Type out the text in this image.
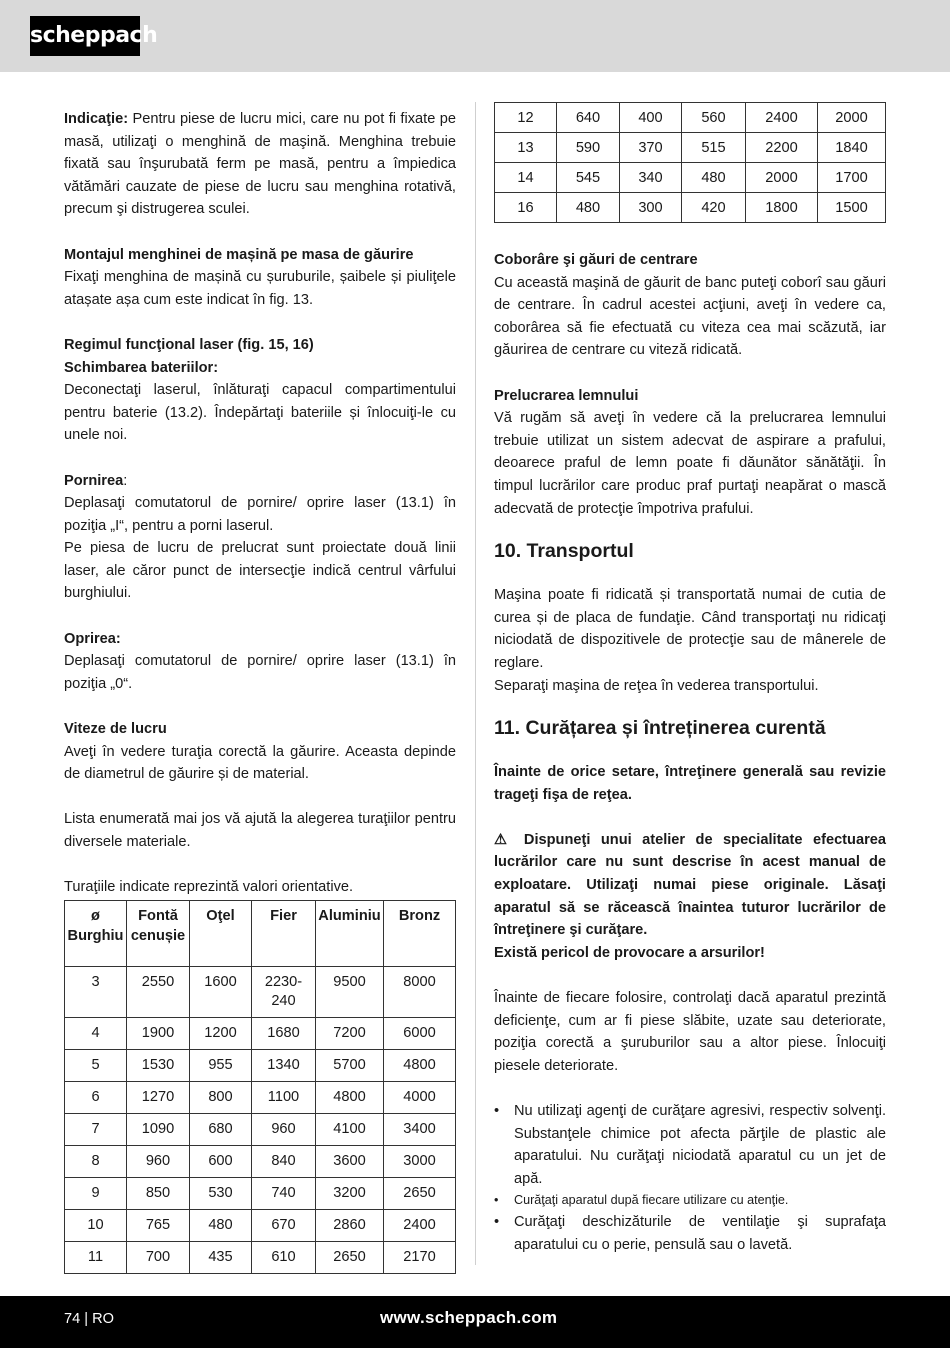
scheppach

Indicaţie: Pentru piese de lucru mici, care nu pot fi fixate pe masă, utilizaţi o menghină de maşină. Menghina trebuie fixată sau înşurubată ferm pe masă, pentru a împiedica vătămări cauzate de piese de lucru sau menghina rotativă, precum şi distrugerea sculei.

Montajul menghinei de mașină pe masa de găurire

Fixaţi menghina de mașină cu șuruburile, șaibele și piuliţele atașate așa cum este indicat în fig. 13.

Regimul funcţional laser (fig. 15, 16)

Schimbarea bateriilor:

Deconectaţi laserul, înlăturaţi capacul compartimentului pentru baterie (13.2). Îndepărtaţi bateriile și înlocuiţi-le cu unele noi.

Pornirea:

Deplasaţi comutatorul de pornire/ oprire laser (13.1) în poziţia „I“, pentru a porni laserul.

Pe piesa de lucru de prelucrat sunt proiectate două linii laser, ale căror punct de intersecţie indică centrul vârfului burghiului.

Oprirea:

Deplasaţi comutatorul de pornire/ oprire laser (13.1) în poziţia „0“.

Viteze de lucru

Aveţi în vedere turaţia corectă la găurire. Aceasta depinde de diametrul de găurire și de material.

Lista enumerată mai jos vă ajută la alegerea turaţiilor pentru diversele materiale.

Turaţiile indicate reprezintă valori orientative.

ø Burghiu	Fontă cenușie	Oţel	Fier	Aluminiu	Bronz
3	2550	1600	2230-240	9500	8000
4	1900	1200	1680	7200	6000
5	1530	955	1340	5700	4800
6	1270	800	1100	4800	4000
7	1090	680	960	4100	3400
8	960	600	840	3600	3000
9	850	530	740	3200	2650
10	765	480	670	2860	2400
11	700	435	610	2650	2170
12	640	400	560	2400	2000
13	590	370	515	2200	1840
14	545	340	480	2000	1700
16	480	300	420	1800	1500

Coborâre şi găuri de centrare

Cu această maşină de găurit de banc puteţi coborî sau găuri de centrare. În cadrul acestei acţiuni, aveţi în vedere ca, coborârea să fie efectuată cu viteza cea mai scăzută, iar găurirea de centrare cu viteză ridicată.

Prelucrarea lemnului

Vă rugăm să aveţi în vedere că la prelucrarea lemnului trebuie utilizat un sistem adecvat de aspirare a prafului, deoarece praful de lemn poate fi dăunător sănătăţii. În timpul lucrărilor care produc praf purtaţi neapărat o mască adecvată de protecţie împotriva prafului.

10. Transportul

Maşina poate fi ridicată și transportată numai de cutia de curea și de placa de fundaţie. Când transportaţi nu ridicaţi niciodată de dispozitivele de protecţie sau de mânerele de reglare.

Separaţi maşina de reţea în vederea transportului.

11. Curățarea și întreținerea curentă

Înainte de orice setare, întreţinere generală sau revizie trageţi fişa de reţea.

⚠ Dispuneţi unui atelier de specialitate efectuarea lucrărilor care nu sunt descrise în acest manual de exploatare. Utilizaţi numai piese originale. Lăsaţi aparatul să se răcească înaintea tuturor lucrărilor de întreţinere şi curăţare.

Există pericol de provocare a arsurilor!

Înainte de fiecare folosire, controlaţi dacă aparatul prezintă deficienţe, cum ar fi piese slăbite, uzate sau deteriorate, poziţia corectă a şuruburilor sau a altor piese. Înlocuiţi piesele deteriorate.

• Nu utilizaţi agenţi de curăţare agresivi, respectiv solvenţi. Substanţele chimice pot afecta părţile de plastic ale aparatului. Nu curăţaţi niciodată aparatul cu un jet de apă.
• Curăţaţi aparatul după fiecare utilizare cu atenţie.
• Curăţaţi deschizăturile de ventilaţie şi suprafaţa aparatului cu o perie, pensulă sau o lavetă.
74 | RO	www.scheppach.com
